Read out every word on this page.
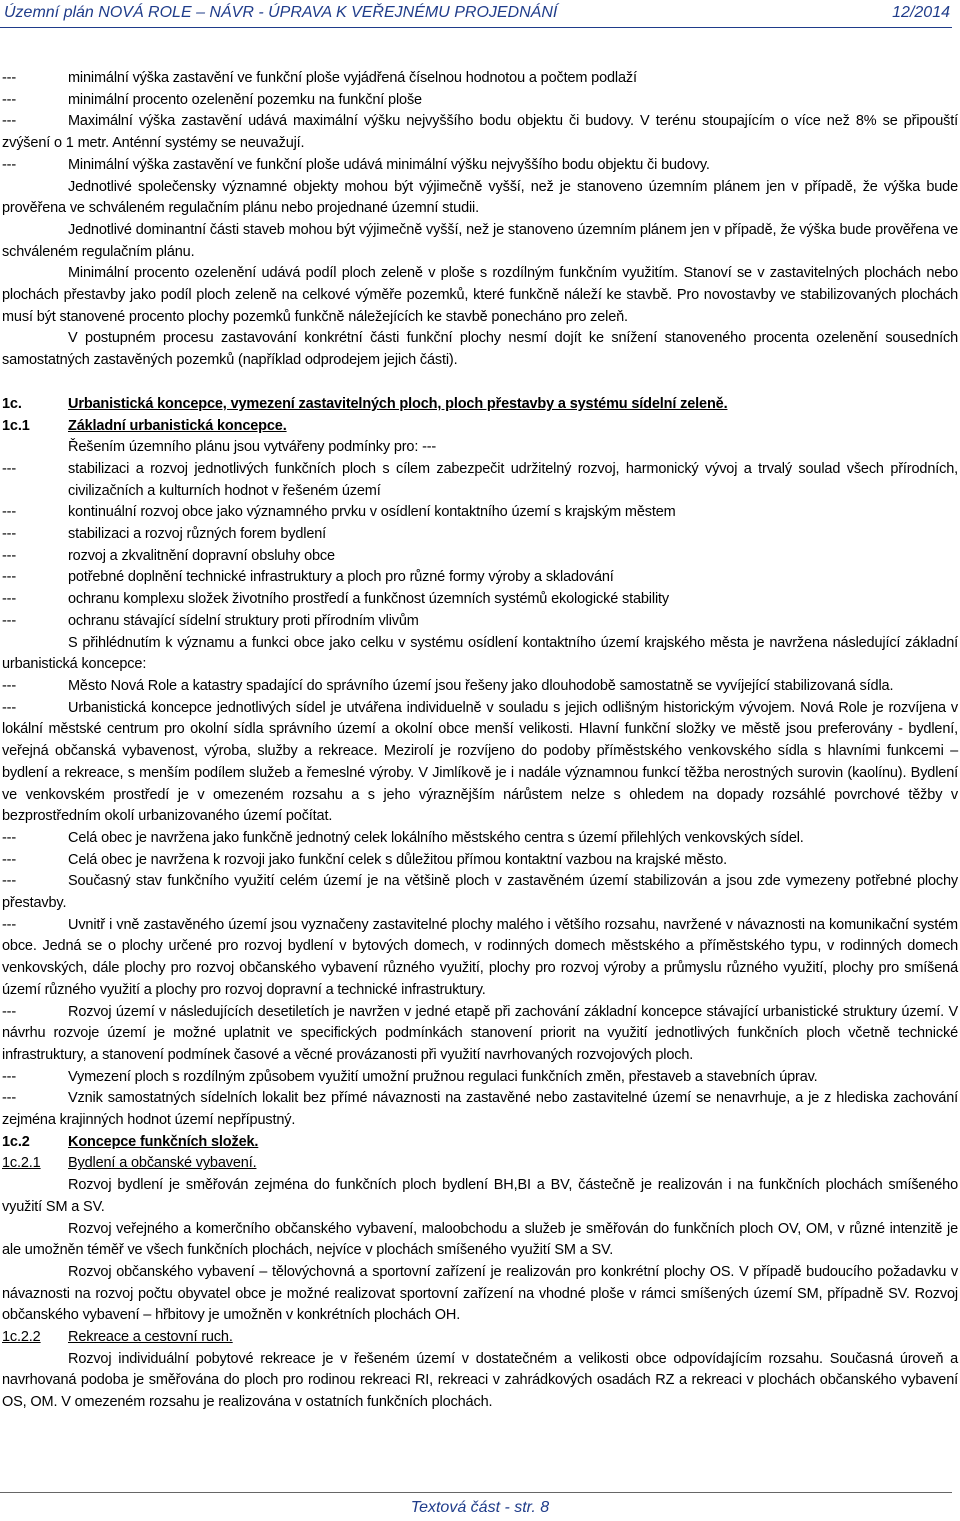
Územní plán NOVÁ ROLE – NÁVR - ÚPRAVA K VEŘEJNÉMU PROJEDNÁNÍ	12/2014
---	minimální výška zastavění ve funkční ploše vyjádřená číselnou hodnotou a počtem podlaží
---	minimální procento ozelenění pozemku na funkční ploše

---	Maximální výška zastavění udává maximální výšku nejvyššího bodu objektu či budovy. V terénu stoupajícím o více než 8% se připouští zvýšení o 1 metr. Anténní systémy se neuvažují.

---	Minimální výška zastavění ve funkční ploše udává minimální výšku nejvyššího bodu objektu či budovy.

Jednotlivé společensky významné objekty mohou být výjimečně vyšší, než je stanoveno územním plánem jen v případě, že výška bude prověřena ve schváleném regulačním plánu nebo projednané územní studii.

Jednotlivé dominantní části staveb mohou být výjimečně vyšší, než je stanoveno územním plánem jen v případě, že výška bude prověřena ve schváleném regulačním plánu.

Minimální procento ozelenění udává podíl ploch zeleně v ploše s rozdílným funkčním využitím. Stanoví se v zastavitelných plochách nebo plochách přestavby jako podíl ploch zeleně na celkové výměře pozemků, které funkčně náleží ke stavbě. Pro novostavby ve stabilizovaných plochách musí být stanovené procento plochy pozemků funkčně náležejících ke stavbě ponecháno pro zeleň.

V postupném procesu zastavování konkrétní části funkční plochy nesmí dojít ke snížení stanoveného procenta ozelenění sousedních samostatných zastavěných pozemků (například odprodejem jejich části).

1c.	Urbanistická koncepce, vymezení zastavitelných ploch, ploch přestavby a systému sídelní zeleně.
1c.1	Základní urbanistická koncepce.

Řešením územního plánu jsou vytvářeny podmínky pro: ---

---	stabilizaci a rozvoj jednotlivých funkčních ploch s cílem zabezpečit udržitelný rozvoj, harmonický vývoj a trvalý soulad všech přírodních, civilizačních a kulturních hodnot v řešeném území
---	kontinuální rozvoj obce jako významného prvku v osídlení kontaktního území s krajským městem
---	stabilizaci a rozvoj různých forem bydlení
---	rozvoj a zkvalitnění dopravní obsluhy obce
---	potřebné doplnění technické infrastruktury a ploch pro různé formy výroby a skladování
---	ochranu komplexu složek životního prostředí a funkčnost územních systémů ekologické stability
---	ochranu stávající sídelní struktury proti přírodním vlivům

S přihlédnutím k významu a funkci obce jako celku v systému osídlení kontaktního území krajského města je navržena následující základní urbanistická koncepce:

---	Město Nová Role a katastry spadající do správního území jsou řešeny jako dlouhodobě samostatně se vyvíjející stabilizovaná sídla.

---	Urbanistická koncepce jednotlivých sídel je utvářena individuelně v souladu s jejich odlišným historickým vývojem. Nová Role je rozvíjena v lokální městské centrum pro okolní sídla správního území a okolní obce menší velikosti. Hlavní funkční složky ve městě jsou preferovány - bydlení, veřejná občanská vybavenost, výroba, služby a rekreace. Mezirolí je rozvíjeno do podoby příměstského venkovského sídla s hlavními funkcemi – bydlení a rekreace, s menším podílem služeb a řemeslné výroby. V Jimlíkově je i nadále významnou funkcí těžba nerostných surovin (kaolínu). Bydlení ve venkovském prostředí je v omezeném rozsahu a s jeho výraznějším nárůstem nelze s ohledem na dopady rozsáhlé povrchové těžby v bezprostředním okolí urbanizovaného území počítat.

---	Celá obec je navržena jako funkčně jednotný celek lokálního městského centra s území přilehlých venkovských sídel.
---	Celá obec je navržena k rozvoji jako funkční celek s důležitou přímou kontaktní vazbou na krajské město.

---	Současný stav funkčního využití celém území je na většině ploch v zastavěném území stabilizován a jsou zde vymezeny potřebné plochy přestavby.

---	Uvnitř i vně zastavěného území jsou vyznačeny zastavitelné plochy malého i většího rozsahu, navržené v návaznosti na komunikační systém obce. Jedná se o plochy určené pro rozvoj bydlení v bytových domech, v rodinných domech městského a příměstského typu, v rodinných domech venkovských, dále plochy pro rozvoj občanského vybavení různého využití, plochy pro rozvoj výroby a průmyslu různého využití, plochy pro smíšená území různého využití a plochy pro rozvoj dopravní a technické infrastruktury.

---	Rozvoj území v následujících desetiletích je navržen v jedné etapě při zachování základní koncepce stávající urbanistické struktury území. V návrhu rozvoje území je možné uplatnit ve specifických podmínkách stanovení priorit na využití jednotlivých funkčních ploch včetně technické infrastruktury, a stanovení podmínek časové a věcné provázanosti při využití navrhovaných rozvojových ploch.

---	Vymezení ploch s rozdílným způsobem využití umožní pružnou regulaci funkčních změn, přestaveb a stavebních úprav.

---	Vznik samostatných sídelních lokalit bez přímé návaznosti na zastavěné nebo zastavitelné území se nenavrhuje, a je z hlediska zachování zejména krajinných hodnot území nepřípustný.

1c.2	Koncepce funkčních složek.
1c.2.1	Bydlení a občanské vybavení.

Rozvoj bydlení je směřován zejména do funkčních ploch bydlení BH,BI a BV, částečně je realizován i na funkčních plochách smíšeného využití SM a SV.

Rozvoj veřejného a komerčního občanského vybavení, maloobchodu a služeb je směřován do funkčních ploch OV, OM, v různé intenzitě je ale umožněn téměř ve všech funkčních plochách, nejvíce v plochách smíšeného využití SM a SV.

Rozvoj občanského vybavení – tělovýchovná a sportovní zařízení je realizován pro konkrétní plochy OS. V případě budoucího požadavku v návaznosti na rozvoj počtu obyvatel obce je možné realizovat sportovní zařízení na vhodné ploše v rámci smíšených území SM, případně SV. Rozvoj občanského vybavení – hřbitovy je umožněn v konkrétních plochách OH.

1c.2.2	Rekreace a cestovní ruch.

Rozvoj individuální pobytové rekreace je v řešeném území v dostatečném a velikosti obce odpovídajícím rozsahu. Současná úroveň a navrhovaná podoba je směřována do ploch pro rodinou rekreaci RI, rekreaci v zahrádkových osadách RZ a rekreaci v plochách občanského vybavení OS, OM. V omezeném rozsahu je realizována v ostatních funkčních plochách.

Textová část - str. 8
